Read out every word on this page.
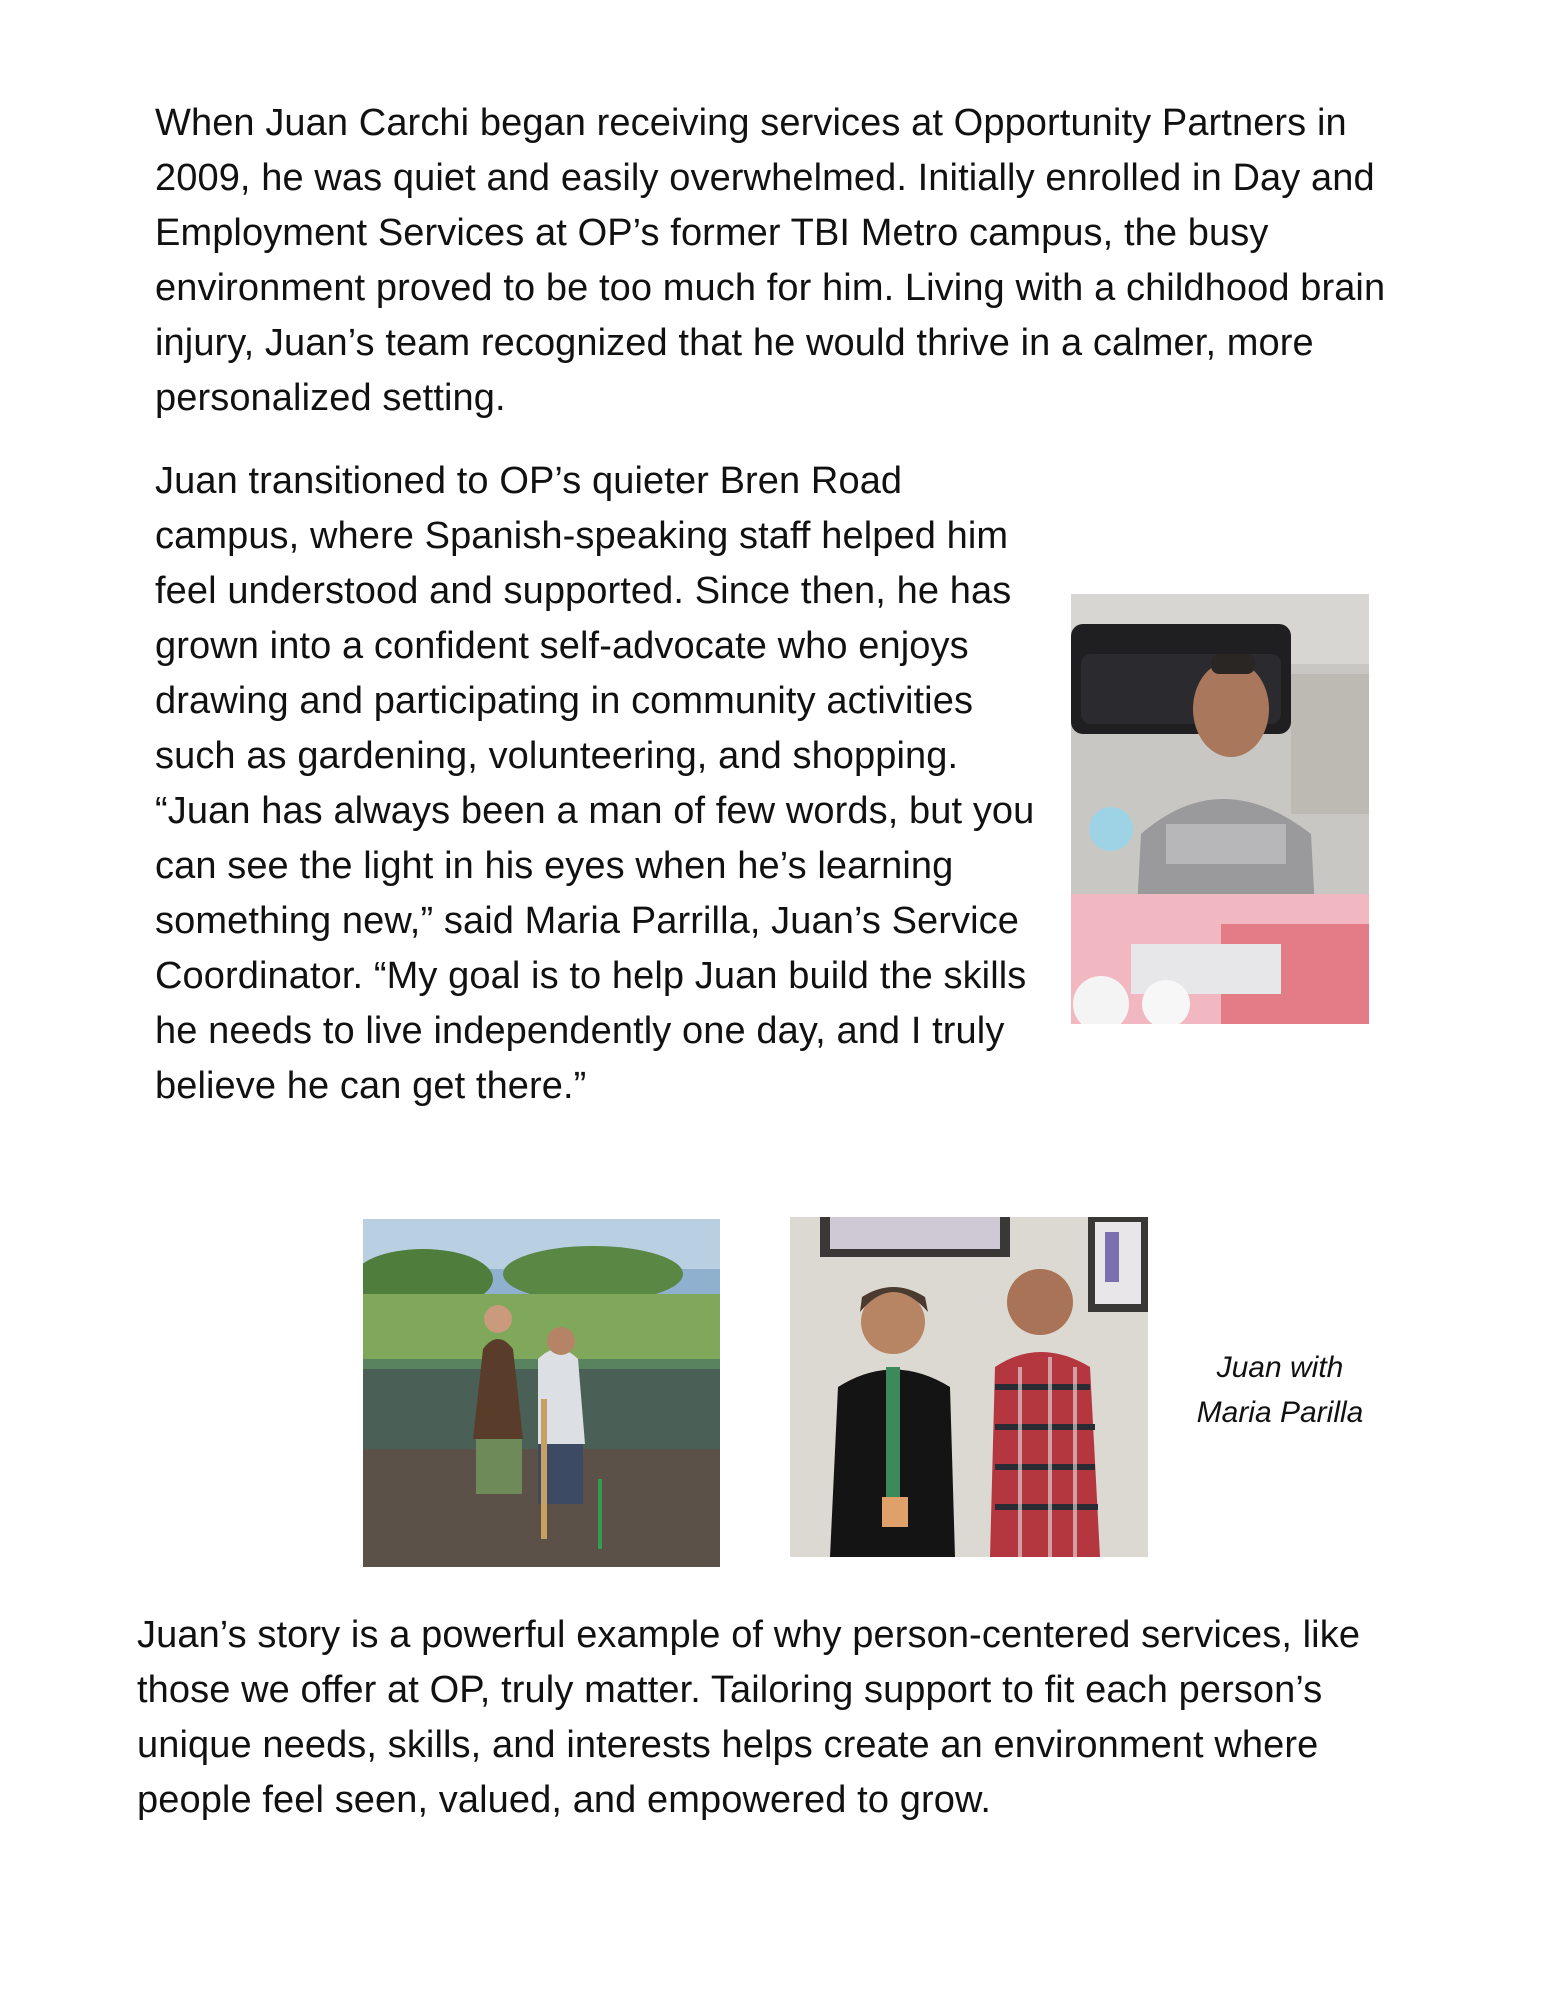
When Juan Carchi began receiving services at Opportunity Partners in 2009, he was quiet and easily overwhelmed. Initially enrolled in Day and Employment Services at OP’s former TBI Metro campus, the busy environment proved to be too much for him. Living with a childhood brain injury, Juan’s team recognized that he would thrive in a calmer, more personalized setting.

Juan transitioned to OP’s quieter Bren Road campus, where Spanish-speaking staff helped him feel understood and supported. Since then, he has grown into a confident self-advocate who enjoys drawing and participating in community activities such as gardening, volunteering, and shopping. “Juan has always been a man of few words, but you can see the light in his eyes when he’s learning something new,” said Maria Parrilla, Juan’s Service Coordinator. “My goal is to help Juan build the skills he needs to live independently one day, and I truly believe he can get there.”

Juan with
Maria Parilla

Juan’s story is a powerful example of why person-centered services, like those we offer at OP, truly matter. Tailoring support to fit each person’s unique needs, skills, and interests helps create an environment where people feel seen, valued, and empowered to grow.
